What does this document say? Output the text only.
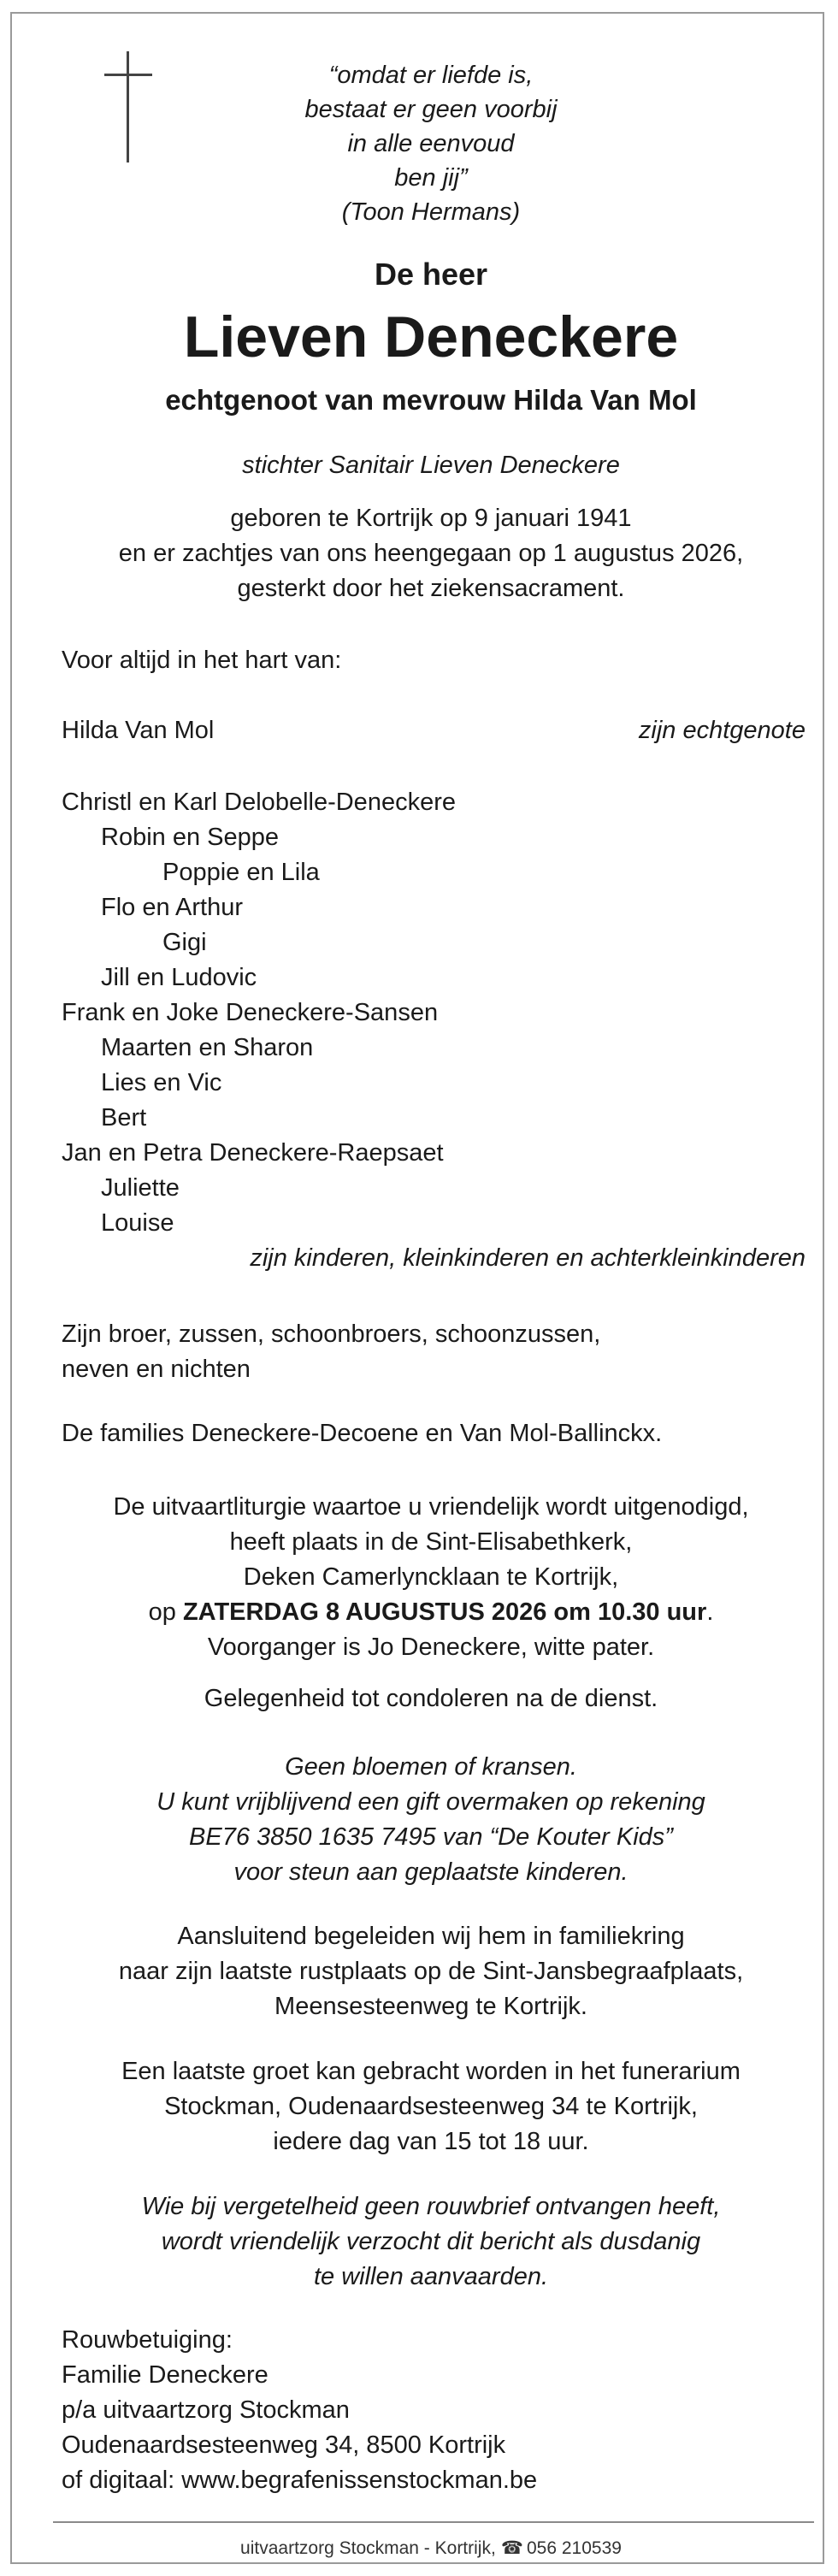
“omdat er liefde is,
bestaat er geen voorbij
in alle eenvoud
ben jij”
(Toon Hermans)
De heer
Lieven Deneckere
echtgenoot van mevrouw Hilda Van Mol
stichter Sanitair Lieven Deneckere
geboren te Kortrijk op 9 januari 1941
en er zachtjes van ons heengegaan op 1 augustus 2026,
gesterkt door het ziekensacrament.
Voor altijd in het hart van:
Hilda Van Mol	zijn echtgenote
Christl en Karl Delobelle-Deneckere
Robin en Seppe
Poppie en Lila
Flo en Arthur
Gigi
Jill en Ludovic
Frank en Joke Deneckere-Sansen
Maarten en Sharon
Lies en Vic
Bert
Jan en Petra Deneckere-Raepsaet
Juliette
Louise
zijn kinderen, kleinkinderen en achterkleinkinderen
Zijn broer, zussen, schoonbroers, schoonzussen,
neven en nichten
De families Deneckere-Decoene en Van Mol-Ballinckx.
De uitvaartliturgie waartoe u vriendelijk wordt uitgenodigd,
heeft plaats in de Sint-Elisabethkerk,
Deken Camerlyncklaan te Kortrijk,
op ZATERDAG 8 AUGUSTUS 2026 om 10.30 uur.
Voorganger is Jo Deneckere, witte pater.
Gelegenheid tot condoleren na de dienst.
Geen bloemen of kransen.
U kunt vrijblijvend een gift overmaken op rekening
BE76 3850 1635 7495 van “De Kouter Kids”
voor steun aan geplaatste kinderen.
Aansluitend begeleiden wij hem in familiekring
naar zijn laatste rustplaats op de Sint-Jansbegraafplaats,
Meensesteenweg te Kortrijk.
Een laatste groet kan gebracht worden in het funerarium
Stockman, Oudenaardsesteenweg 34 te Kortrijk,
iedere dag van 15 tot 18 uur.
Wie bij vergetelheid geen rouwbrief ontvangen heeft,
wordt vriendelijk verzocht dit bericht als dusdanig
te willen aanvaarden.
Rouwbetuiging:
Familie Deneckere
p/a uitvaartzorg Stockman
Oudenaardsesteenweg 34, 8500 Kortrijk
of digitaal: www.begrafenissenstockman.be
uitvaartzorg Stockman - Kortrijk, ☎ 056 210539
